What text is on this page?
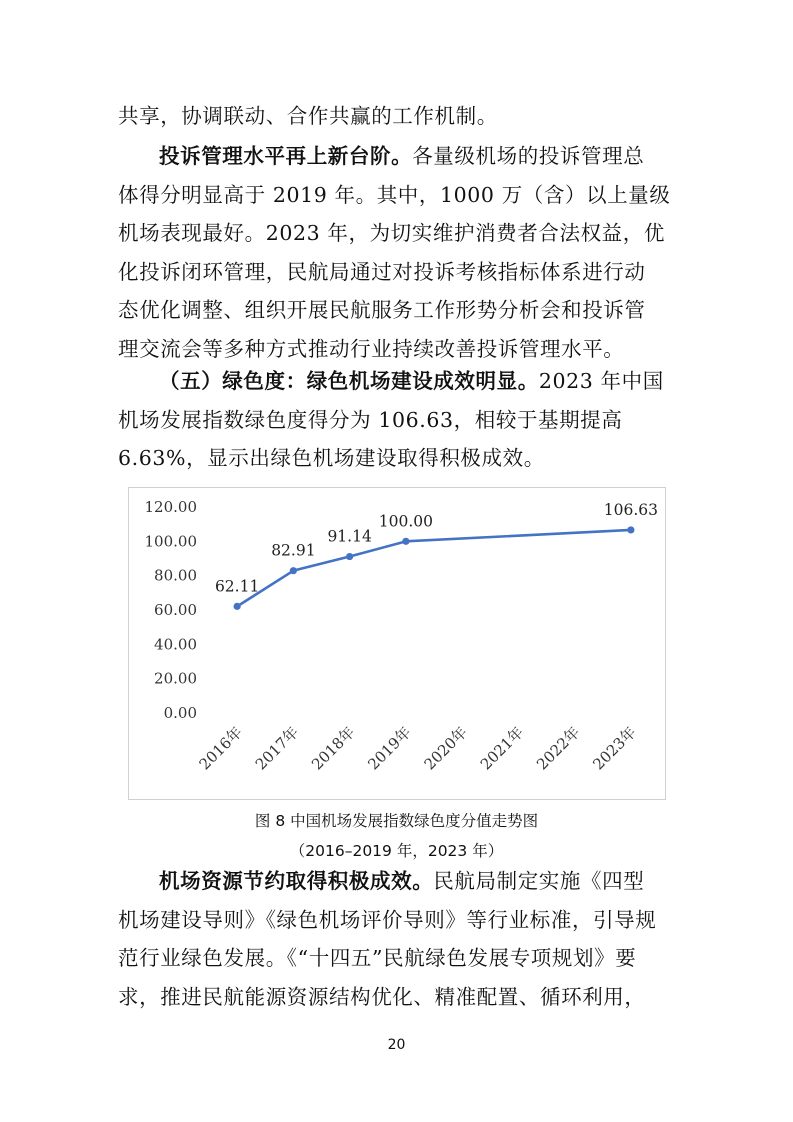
共享，协调联动、合作共赢的工作机制。
投诉管理水平再上新台阶。各量级机场的投诉管理总
体得分明显高于 2019 年。其中，1000 万（含）以上量级
机场表现最好。2023 年，为切实维护消费者合法权益，优
化投诉闭环管理，民航局通过对投诉考核指标体系进行动
态优化调整、组织开展民航服务工作形势分析会和投诉管
理交流会等多种方式推动行业持续改善投诉管理水平。
（五）绿色度：绿色机场建设成效明显。2023 年中国
机场发展指数绿色度得分为 106.63，相较于基期提高
6.63%，显示出绿色机场建设取得积极成效。
0.00
20.00
40.00
60.00
80.00
100.00
120.00
2016年 2017年 2018年 2019年 2020年 2021年 2022年 2023年
62.11
82.91
91.14
100.00
106.63
图 8 中国机场发展指数绿色度分值走势图
（2016–2019 年，2023 年）
机场资源节约取得积极成效。民航局制定实施《四型
机场建设导则》《绿色机场评价导则》等行业标准，引导规
范行业绿色发展。《“十四五”民航绿色发展专项规划》要
求，推进民航能源资源结构优化、精准配置、循环利用，
20
